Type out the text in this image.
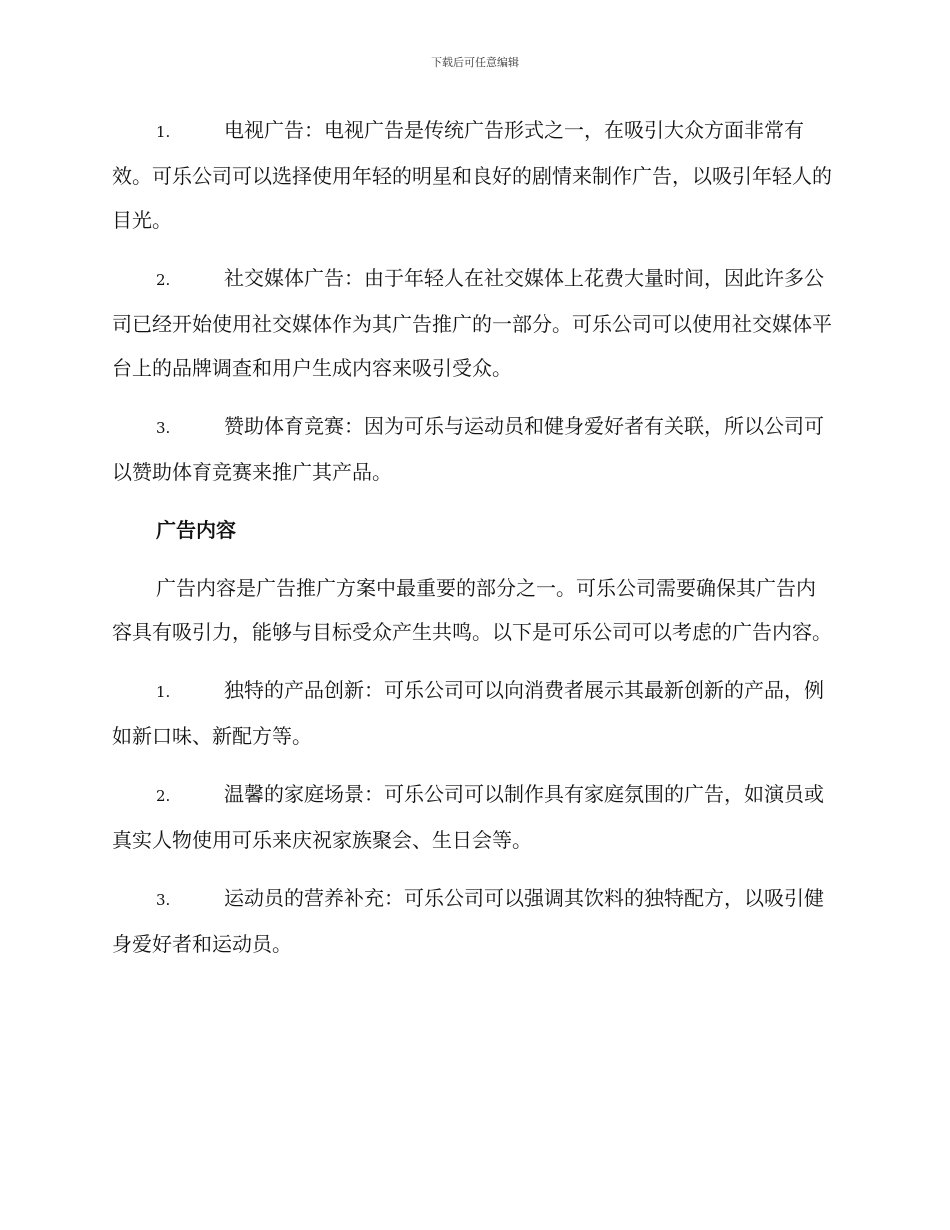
下载后可任意编辑
1.	电视广告：电视广告是传统广告形式之一，在吸引大众方面非常有效。可乐公司可以选择使用年轻的明星和良好的剧情来制作广告，以吸引年轻人的目光。
2.	社交媒体广告：由于年轻人在社交媒体上花费大量时间，因此许多公司已经开始使用社交媒体作为其广告推广的一部分。可乐公司可以使用社交媒体平台上的品牌调查和用户生成内容来吸引受众。
3.	赞助体育竞赛：因为可乐与运动员和健身爱好者有关联，所以公司可以赞助体育竞赛来推广其产品。
广告内容
广告内容是广告推广方案中最重要的部分之一。可乐公司需要确保其广告内容具有吸引力，能够与目标受众产生共鸣。以下是可乐公司可以考虑的广告内容。
1.	独特的产品创新：可乐公司可以向消费者展示其最新创新的产品，例如新口味、新配方等。
2.	温馨的家庭场景：可乐公司可以制作具有家庭氛围的广告，如演员或真实人物使用可乐来庆祝家族聚会、生日会等。
3.	运动员的营养补充：可乐公司可以强调其饮料的独特配方，以吸引健身爱好者和运动员。
